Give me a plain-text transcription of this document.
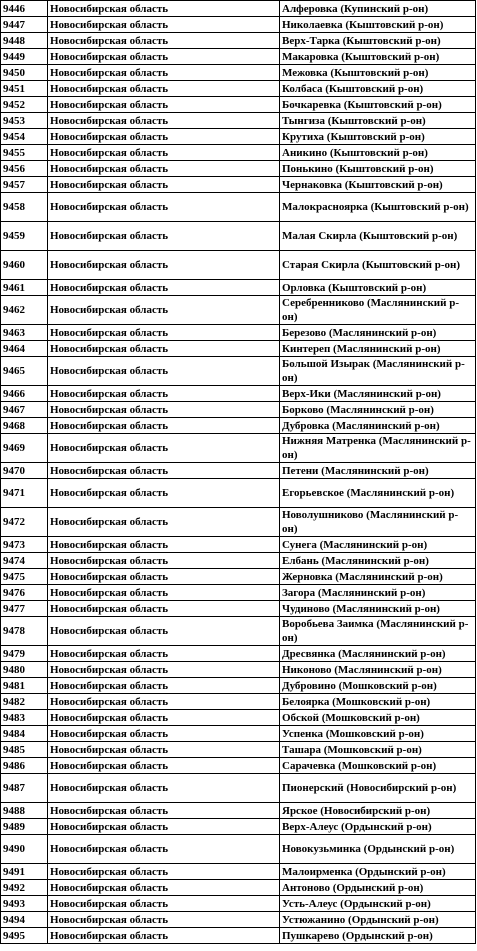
9446	Новосибирская область	Алферовка (Купинский р-он)
9447	Новосибирская область	Николаевка (Кыштовский р-он)
9448	Новосибирская область	Верх-Тарка (Кыштовский р-он)
9449	Новосибирская область	Макаровка (Кыштовский р-он)
9450	Новосибирская область	Межовка (Кыштовский р-он)
9451	Новосибирская область	Колбаса (Кыштовский р-он)
9452	Новосибирская область	Бочкаревка (Кыштовский р-он)
9453	Новосибирская область	Тынгиза (Кыштовский р-он)
9454	Новосибирская область	Крутиха (Кыштовский р-он)
9455	Новосибирская область	Аникино (Кыштовский р-он)
9456	Новосибирская область	Понькино (Кыштовский р-он)
9457	Новосибирская область	Чернаковка (Кыштовский р-он)
9458	Новосибирская область	Малокрасноярка (Кыштовский р-он)
9459	Новосибирская область	Малая Скирла (Кыштовский р-он)
9460	Новосибирская область	Старая Скирла (Кыштовский р-он)
9461	Новосибирская область	Орловка (Кыштовский р-он)
9462	Новосибирская область	Серебренниково (Маслянинский р-он)
9463	Новосибирская область	Березово (Маслянинский р-он)
9464	Новосибирская область	Кинтереп (Маслянинский р-он)
9465	Новосибирская область	Большой Изырак (Маслянинский р-он)
9466	Новосибирская область	Верх-Ики (Маслянинский р-он)
9467	Новосибирская область	Борково (Маслянинский р-он)
9468	Новосибирская область	Дубровка (Маслянинский р-он)
9469	Новосибирская область	Нижняя Матренка (Маслянинский р-он)
9470	Новосибирская область	Петени (Маслянинский р-он)
9471	Новосибирская область	Егорьевское (Маслянинский р-он)
9472	Новосибирская область	Новолушниково (Маслянинский р-он)
9473	Новосибирская область	Сунега (Маслянинский р-он)
9474	Новосибирская область	Елбань (Маслянинский р-он)
9475	Новосибирская область	Жерновка (Маслянинский р-он)
9476	Новосибирская область	Загора (Маслянинский р-он)
9477	Новосибирская область	Чудиново (Маслянинский р-он)
9478	Новосибирская область	Воробьева Заимка (Маслянинский р-он)
9479	Новосибирская область	Дресвянка (Маслянинский р-он)
9480	Новосибирская область	Никоново (Маслянинский р-он)
9481	Новосибирская область	Дубровино (Мошковский р-он)
9482	Новосибирская область	Белоярка (Мошковский р-он)
9483	Новосибирская область	Обской (Мошковский р-он)
9484	Новосибирская область	Успенка (Мошковский р-он)
9485	Новосибирская область	Ташара (Мошковский р-он)
9486	Новосибирская область	Сарачевка (Мошковский р-он)
9487	Новосибирская область	Пионерский (Новосибирский р-он)
9488	Новосибирская область	Ярское (Новосибирский р-он)
9489	Новосибирская область	Верх-Алеус (Ордынский р-он)
9490	Новосибирская область	Новокузьминка (Ордынский р-он)
9491	Новосибирская область	Малоирменка (Ордынский р-он)
9492	Новосибирская область	Антоново (Ордынский р-он)
9493	Новосибирская область	Усть-Алеус (Ордынский р-он)
9494	Новосибирская область	Устюжанино (Ордынский р-он)
9495	Новосибирская область	Пушкарево (Ордынский р-он)
